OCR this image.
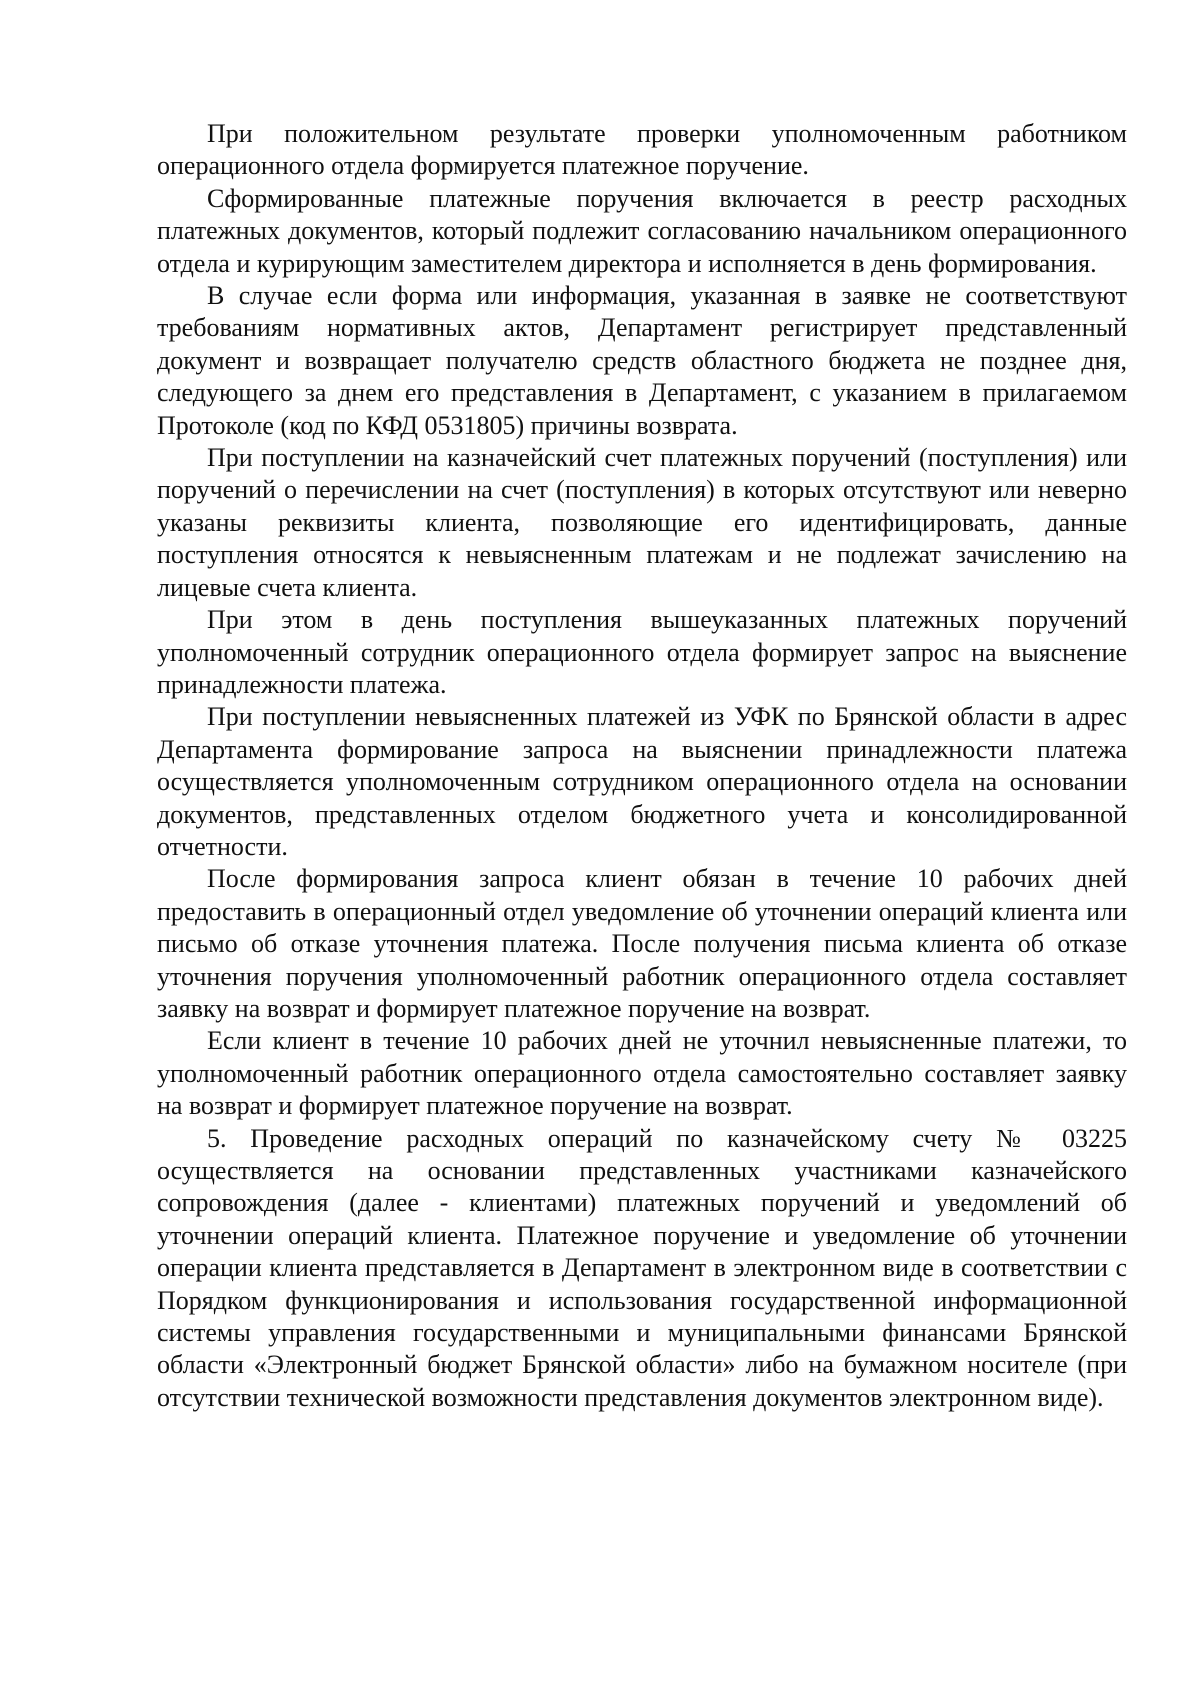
При положительном результате проверки уполномоченным работником операционного отдела формируется платежное поручение.

Сформированные платежные поручения включается в реестр расходных платежных документов, который подлежит согласованию начальником операционного отдела и курирующим заместителем директора и исполняется в день формирования.

В случае если форма или информация, указанная в заявке не соответствуют требованиям нормативных актов, Департамент регистрирует представленный документ и возвращает получателю средств областного бюджета не позднее дня, следующего за днем его представления в Департамент, с указанием в прилагаемом Протоколе (код по КФД 0531805) причины возврата.

При поступлении на казначейский счет платежных поручений (поступления) или поручений о перечислении на счет (поступления) в которых отсутствуют или неверно указаны реквизиты клиента, позволяющие его идентифицировать, данные поступления относятся к невыясненным платежам и не подлежат зачислению на лицевые счета клиента.

При этом в день поступления вышеуказанных платежных поручений уполномоченный сотрудник операционного отдела формирует запрос на выяснение принадлежности платежа.

При поступлении невыясненных платежей из УФК по Брянской области в адрес Департамента формирование запроса на выяснении принадлежности платежа осуществляется уполномоченным сотрудником операционного отдела на основании документов, представленных отделом бюджетного учета и консолидированной отчетности.

После формирования запроса клиент обязан в течение 10 рабочих дней предоставить в операционный отдел уведомление об уточнении операций клиента или письмо об отказе уточнения платежа. После получения письма клиента об отказе уточнения поручения уполномоченный работник операционного отдела составляет заявку на возврат и формирует платежное поручение на возврат.

Если клиент в течение 10 рабочих дней не уточнил невыясненные платежи, то уполномоченный работник операционного отдела самостоятельно составляет заявку на возврат и формирует платежное поручение на возврат.

5. Проведение расходных операций по казначейскому счету № 03225 осуществляется на основании представленных участниками казначейского сопровождения (далее - клиентами) платежных поручений и уведомлений об уточнении операций клиента. Платежное поручение и уведомление об уточнении операции клиента представляется в Департамент в электронном виде в соответствии с Порядком функционирования и использования государственной информационной системы управления государственными и муниципальными финансами Брянской области «Электронный бюджет Брянской области» либо на бумажном носителе (при отсутствии технической возможности представления документов электронном виде).
